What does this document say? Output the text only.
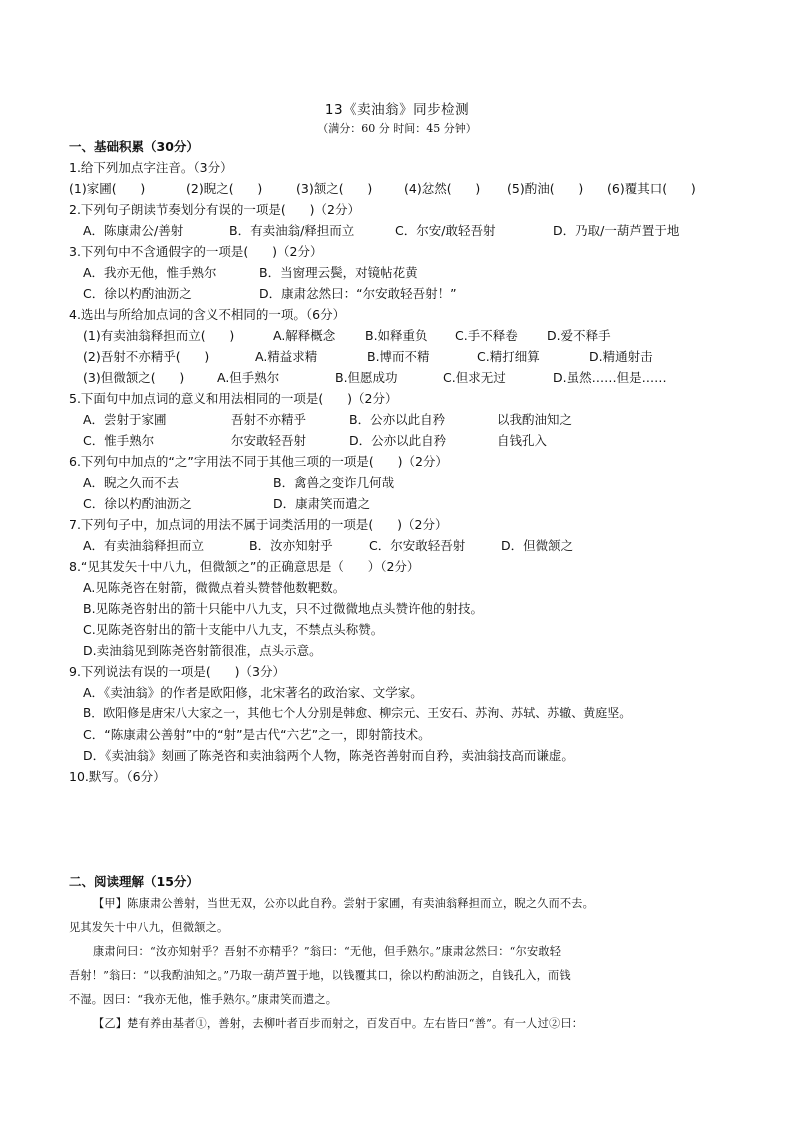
13《卖油翁》同步检测
（满分：60 分 时间：45 分钟）
一、基础积累（30分）
1.给下列加点字注音。（3分）

(1)家圃(      )

	(2)睨之(      )

	(3)颔之(      )

	(4)忿然(      )

(5)酌油(      )

(6)覆其口(      )

2.下列句子朗读节奏划分有误的一项是(      )（2分）

A．陈康肃公/善射

	B．有卖油翁/释担而立

	C．尔安/敢轻吾射

	D．乃取/一葫芦置于地

3.下列句中不含通假字的一项是(      )（2分）

A．我亦无他，惟手熟尔

	B．当窗理云鬓，对镜帖花黄

C．徐以杓酌油沥之

	D．康肃忿然曰：“尔安敢轻吾射！”

4.选出与所给加点词的含义不相同的一项。（6分）

(1)有卖油翁释担而立(      )

	A.解释概念

B.如释重负

C.手不释卷

D.爱不释手

(2)吾射不亦精乎(      )

	A.精益求精

	B.博而不精

	C.精打细算

	D.精通射击

(3)但微颔之(      )

	A.但手熟尔

	B.但愿成功

	C.但求无过

	D.虽然……但是……

5.下面句中加点词的意义和用法相同的一项是(      )（2分）

A．尝射于家圃

	吾射不亦精乎

	B．公亦以此自矜

	以我酌油知之

C．惟手熟尔

	尔安敢轻吾射

	D．公亦以此自矜

	自钱孔入

6.下列句中加点的“之”字用法不同于其他三项的一项是(      )（2分）

A．睨之久而不去

	B．禽兽之变诈几何哉

C．徐以杓酌油沥之

	D．康肃笑而遣之

7.下列句子中，加点词的用法不属于词类活用的一项是(      )（2分）

A．有卖油翁释担而立

	B．汝亦知射乎

	C．尔安敢轻吾射

	D．但微颔之

8.“见其发矢十中八九，但微颔之”的正确意思是（      ）（2分）
A.见陈尧咨在射箭，微微点着头赞替他数靶数。
B.见陈尧咨射出的箭十只能中八九支，只不过微微地点头赞许他的射技。
C.见陈尧咨射出的箭十支能中八九支，不禁点头称赞。
D.卖油翁见到陈尧咨射箭很准，点头示意。
9.下列说法有误的一项是(      )（3分）
A．《卖油翁》的作者是欧阳修，北宋著名的政治家、文学家。
B．欧阳修是唐宋八大家之一，其他七个人分别是韩愈、柳宗元、王安石、苏洵、苏轼、苏辙、黄庭坚。
C．“陈康肃公善射”中的“射”是古代“六艺”之一，即射箭技术。
D．《卖油翁》刻画了陈尧咨和卖油翁两个人物，陈尧咨善射而自矜，卖油翁技高而谦虚。
10.默写。（6分）

二、阅读理解（15分）
【甲】陈康肃公善射，当世无双，公亦以此自矜。尝射于家圃，有卖油翁释担而立，睨之久而不去。
见其发矢十中八九，但微颔之。
康肃问曰：“汝亦知射乎？吾射不亦精乎？”翁曰：“无他，但手熟尔。”康肃忿然曰：“尔安敢轻
吾射！”翁曰：“以我酌油知之。”乃取一葫芦置于地，以钱覆其口，徐以杓酌油沥之，自钱孔入，而钱
不湿。因曰：“我亦无他，惟手熟尔。”康肃笑而遣之。
【乙】楚有养由基者①，善射，去柳叶者百步而射之，百发百中。左右皆曰“善”。有一人过②曰：
